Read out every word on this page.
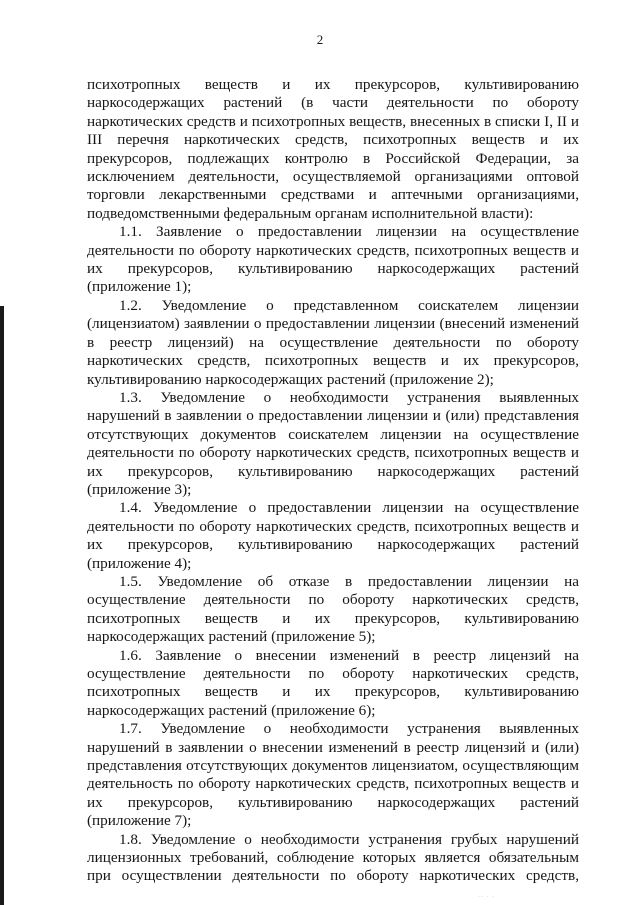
2

психотропных веществ и их прекурсоров, культивированию наркосодержащих растений (в части деятельности по обороту наркотических средств и психотропных веществ, внесенных в списки I, II и III перечня наркотических средств, психотропных веществ и их прекурсоров, подлежащих контролю в Российской Федерации, за исключением деятельности, осуществляемой организациями оптовой торговли лекарственными средствами и аптечными организациями, подведомственными федеральным органам исполнительной власти):

1.1. Заявление о предоставлении лицензии на осуществление деятельности по обороту наркотических средств, психотропных веществ и их прекурсоров, культивированию наркосодержащих растений (приложение 1);

1.2. Уведомление о представленном соискателем лицензии (лицензиатом) заявлении о предоставлении лицензии (внесений изменений в реестр лицензий) на осуществление деятельности по обороту наркотических средств, психотропных веществ и их прекурсоров, культивированию наркосодержащих растений (приложение 2);

1.3. Уведомление о необходимости устранения выявленных нарушений в заявлении о предоставлении лицензии и (или) представления отсутствующих документов соискателем лицензии на осуществление деятельности по обороту наркотических средств, психотропных веществ и их прекурсоров, культивированию наркосодержащих растений (приложение 3);

1.4. Уведомление о предоставлении лицензии на осуществление деятельности по обороту наркотических средств, психотропных веществ и их прекурсоров, культивированию наркосодержащих растений (приложение 4);

1.5. Уведомление об отказе в предоставлении лицензии на осуществление деятельности по обороту наркотических средств, психотропных веществ и их прекурсоров, культивированию наркосодержащих растений (приложение 5);

1.6. Заявление о внесении изменений в реестр лицензий на осуществление деятельности по обороту наркотических средств, психотропных веществ и их прекурсоров, культивированию наркосодержащих растений (приложение 6);

1.7. Уведомление о необходимости устранения выявленных нарушений в заявлении о внесении изменений в реестр лицензий и (или) представления отсутствующих документов лицензиатом, осуществляющим деятельность по обороту наркотических средств, психотропных веществ и их прекурсоров, культивированию наркосодержащих растений (приложение 7);

1.8. Уведомление о необходимости устранения грубых нарушений лицензионных требований, соблюдение которых является обязательным при осуществлении деятельности по обороту наркотических средств,

·· · ·
